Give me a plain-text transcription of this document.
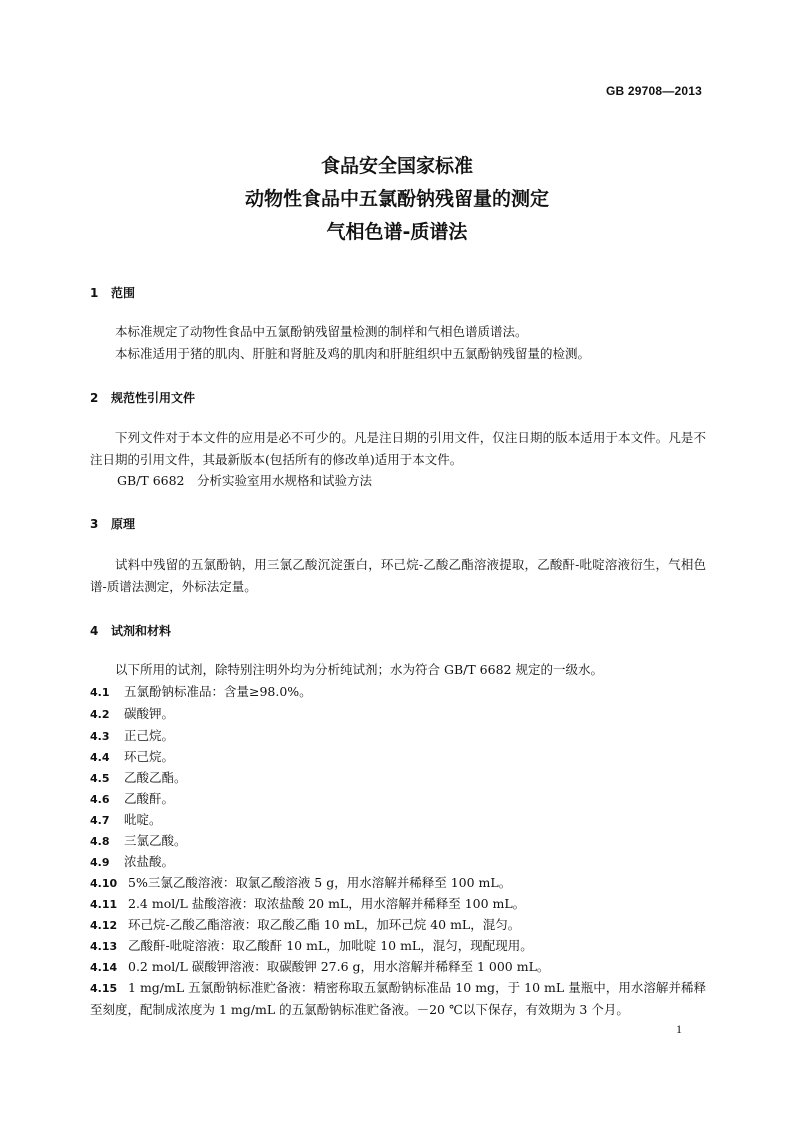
GB 29708—2013
食品安全国家标准
动物性食品中五氯酚钠残留量的测定
气相色谱-质谱法
1 范围
本标准规定了动物性食品中五氯酚钠残留量检测的制样和气相色谱质谱法。
本标准适用于猪的肌肉、肝脏和肾脏及鸡的肌肉和肝脏组织中五氯酚钠残留量的检测。
2 规范性引用文件
下列文件对于本文件的应用是必不可少的。凡是注日期的引用文件，仅注日期的版本适用于本文件。凡是不注日期的引用文件，其最新版本(包括所有的修改单)适用于本文件。
GB/T 6682　分析实验室用水规格和试验方法
3 原理
试料中残留的五氯酚钠，用三氯乙酸沉淀蛋白，环己烷-乙酸乙酯溶液提取，乙酸酐-吡啶溶液衍生，气相色谱-质谱法测定，外标法定量。
4 试剂和材料
以下所用的试剂，除特别注明外均为分析纯试剂；水为符合 GB/T 6682 规定的一级水。
4.1 五氯酚钠标准品：含量≥98.0%。
4.2 碳酸钾。
4.3 正己烷。
4.4 环己烷。
4.5 乙酸乙酯。
4.6 乙酸酐。
4.7 吡啶。
4.8 三氯乙酸。
4.9 浓盐酸。
4.10 5%三氯乙酸溶液：取氯乙酸溶液 5 g，用水溶解并稀释至 100 mL。
4.11 2.4 mol/L 盐酸溶液：取浓盐酸 20 mL，用水溶解并稀释至 100 mL。
4.12 环己烷-乙酸乙酯溶液：取乙酸乙酯 10 mL，加环己烷 40 mL，混匀。
4.13 乙酸酐-吡啶溶液：取乙酸酐 10 mL，加吡啶 10 mL，混匀，现配现用。
4.14 0.2 mol/L 碳酸钾溶液：取碳酸钾 27.6 g，用水溶解并稀释至 1 000 mL。
4.15 1 mg/mL 五氯酚钠标准贮备液：精密称取五氯酚钠标准品 10 mg，于 10 mL 量瓶中，用水溶解并稀释至刻度，配制成浓度为 1 mg/mL 的五氯酚钠标准贮备液。－20 ℃以下保存，有效期为 3 个月。
1
